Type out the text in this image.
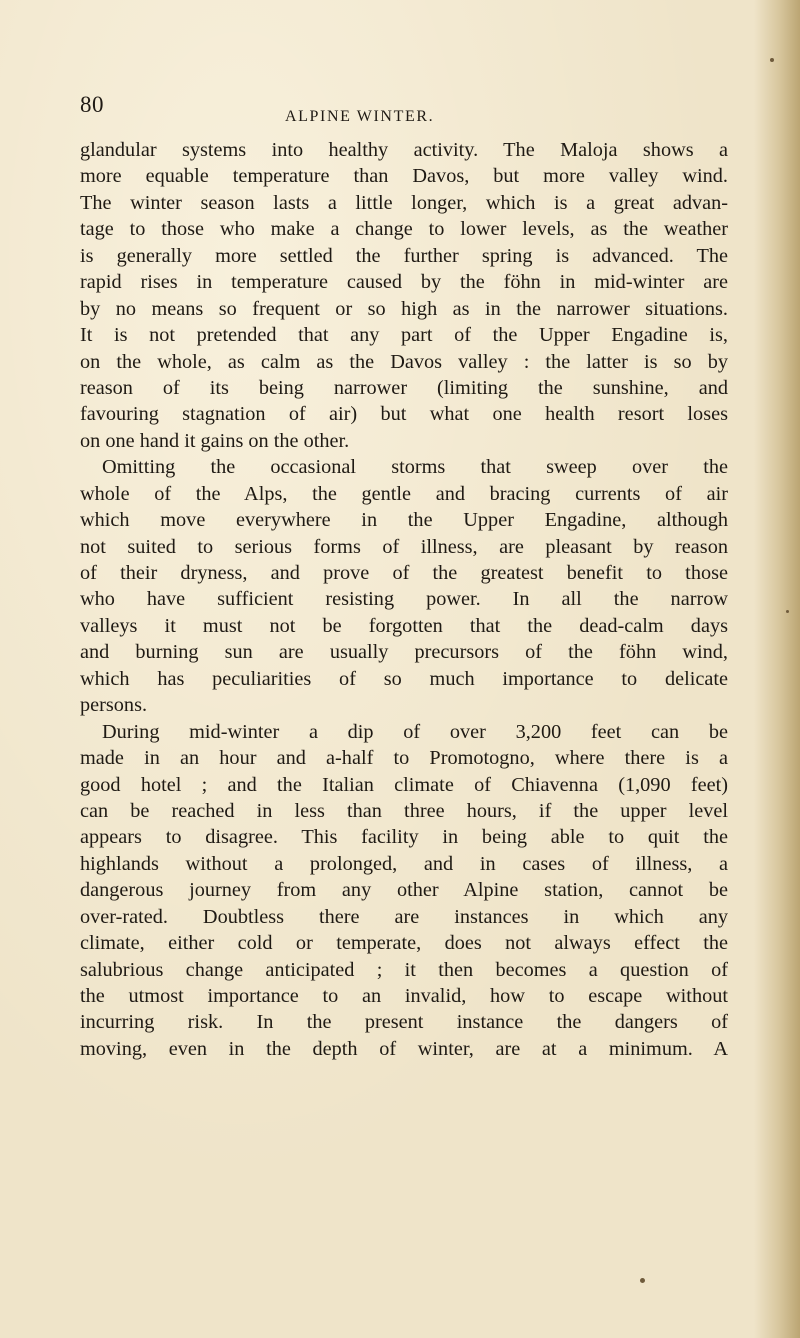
80	ALPINE WINTER.
glandular systems into healthy activity. The Maloja shows a
more equable temperature than Davos, but more valley wind.
The winter season lasts a little longer, which is a great advan-
tage to those who make a change to lower levels, as the weather
is generally more settled the further spring is advanced. The
rapid rises in temperature caused by the föhn in mid-winter are
by no means so frequent or so high as in the narrower situations.
It is not pretended that any part of the Upper Engadine is,
on the whole, as calm as the Davos valley : the latter is so by
reason of its being narrower (limiting the sunshine, and
favouring stagnation of air) but what one health resort loses
on one hand it gains on the other.
Omitting the occasional storms that sweep over the
whole of the Alps, the gentle and bracing currents of air
which move everywhere in the Upper Engadine, although
not suited to serious forms of illness, are pleasant by reason
of their dryness, and prove of the greatest benefit to those
who have sufficient resisting power. In all the narrow
valleys it must not be forgotten that the dead-calm days
and burning sun are usually precursors of the föhn wind,
which has peculiarities of so much importance to delicate
persons.
During mid-winter a dip of over 3,200 feet can be
made in an hour and a-half to Promotogno, where there is a
good hotel ; and the Italian climate of Chiavenna (1,090 feet)
can be reached in less than three hours, if the upper level
appears to disagree. This facility in being able to quit the
highlands without a prolonged, and in cases of illness, a
dangerous journey from any other Alpine station, cannot be
over-rated. Doubtless there are instances in which any
climate, either cold or temperate, does not always effect the
salubrious change anticipated ; it then becomes a question of
the utmost importance to an invalid, how to escape without
incurring risk. In the present instance the dangers of
moving, even in the depth of winter, are at a minimum. A
